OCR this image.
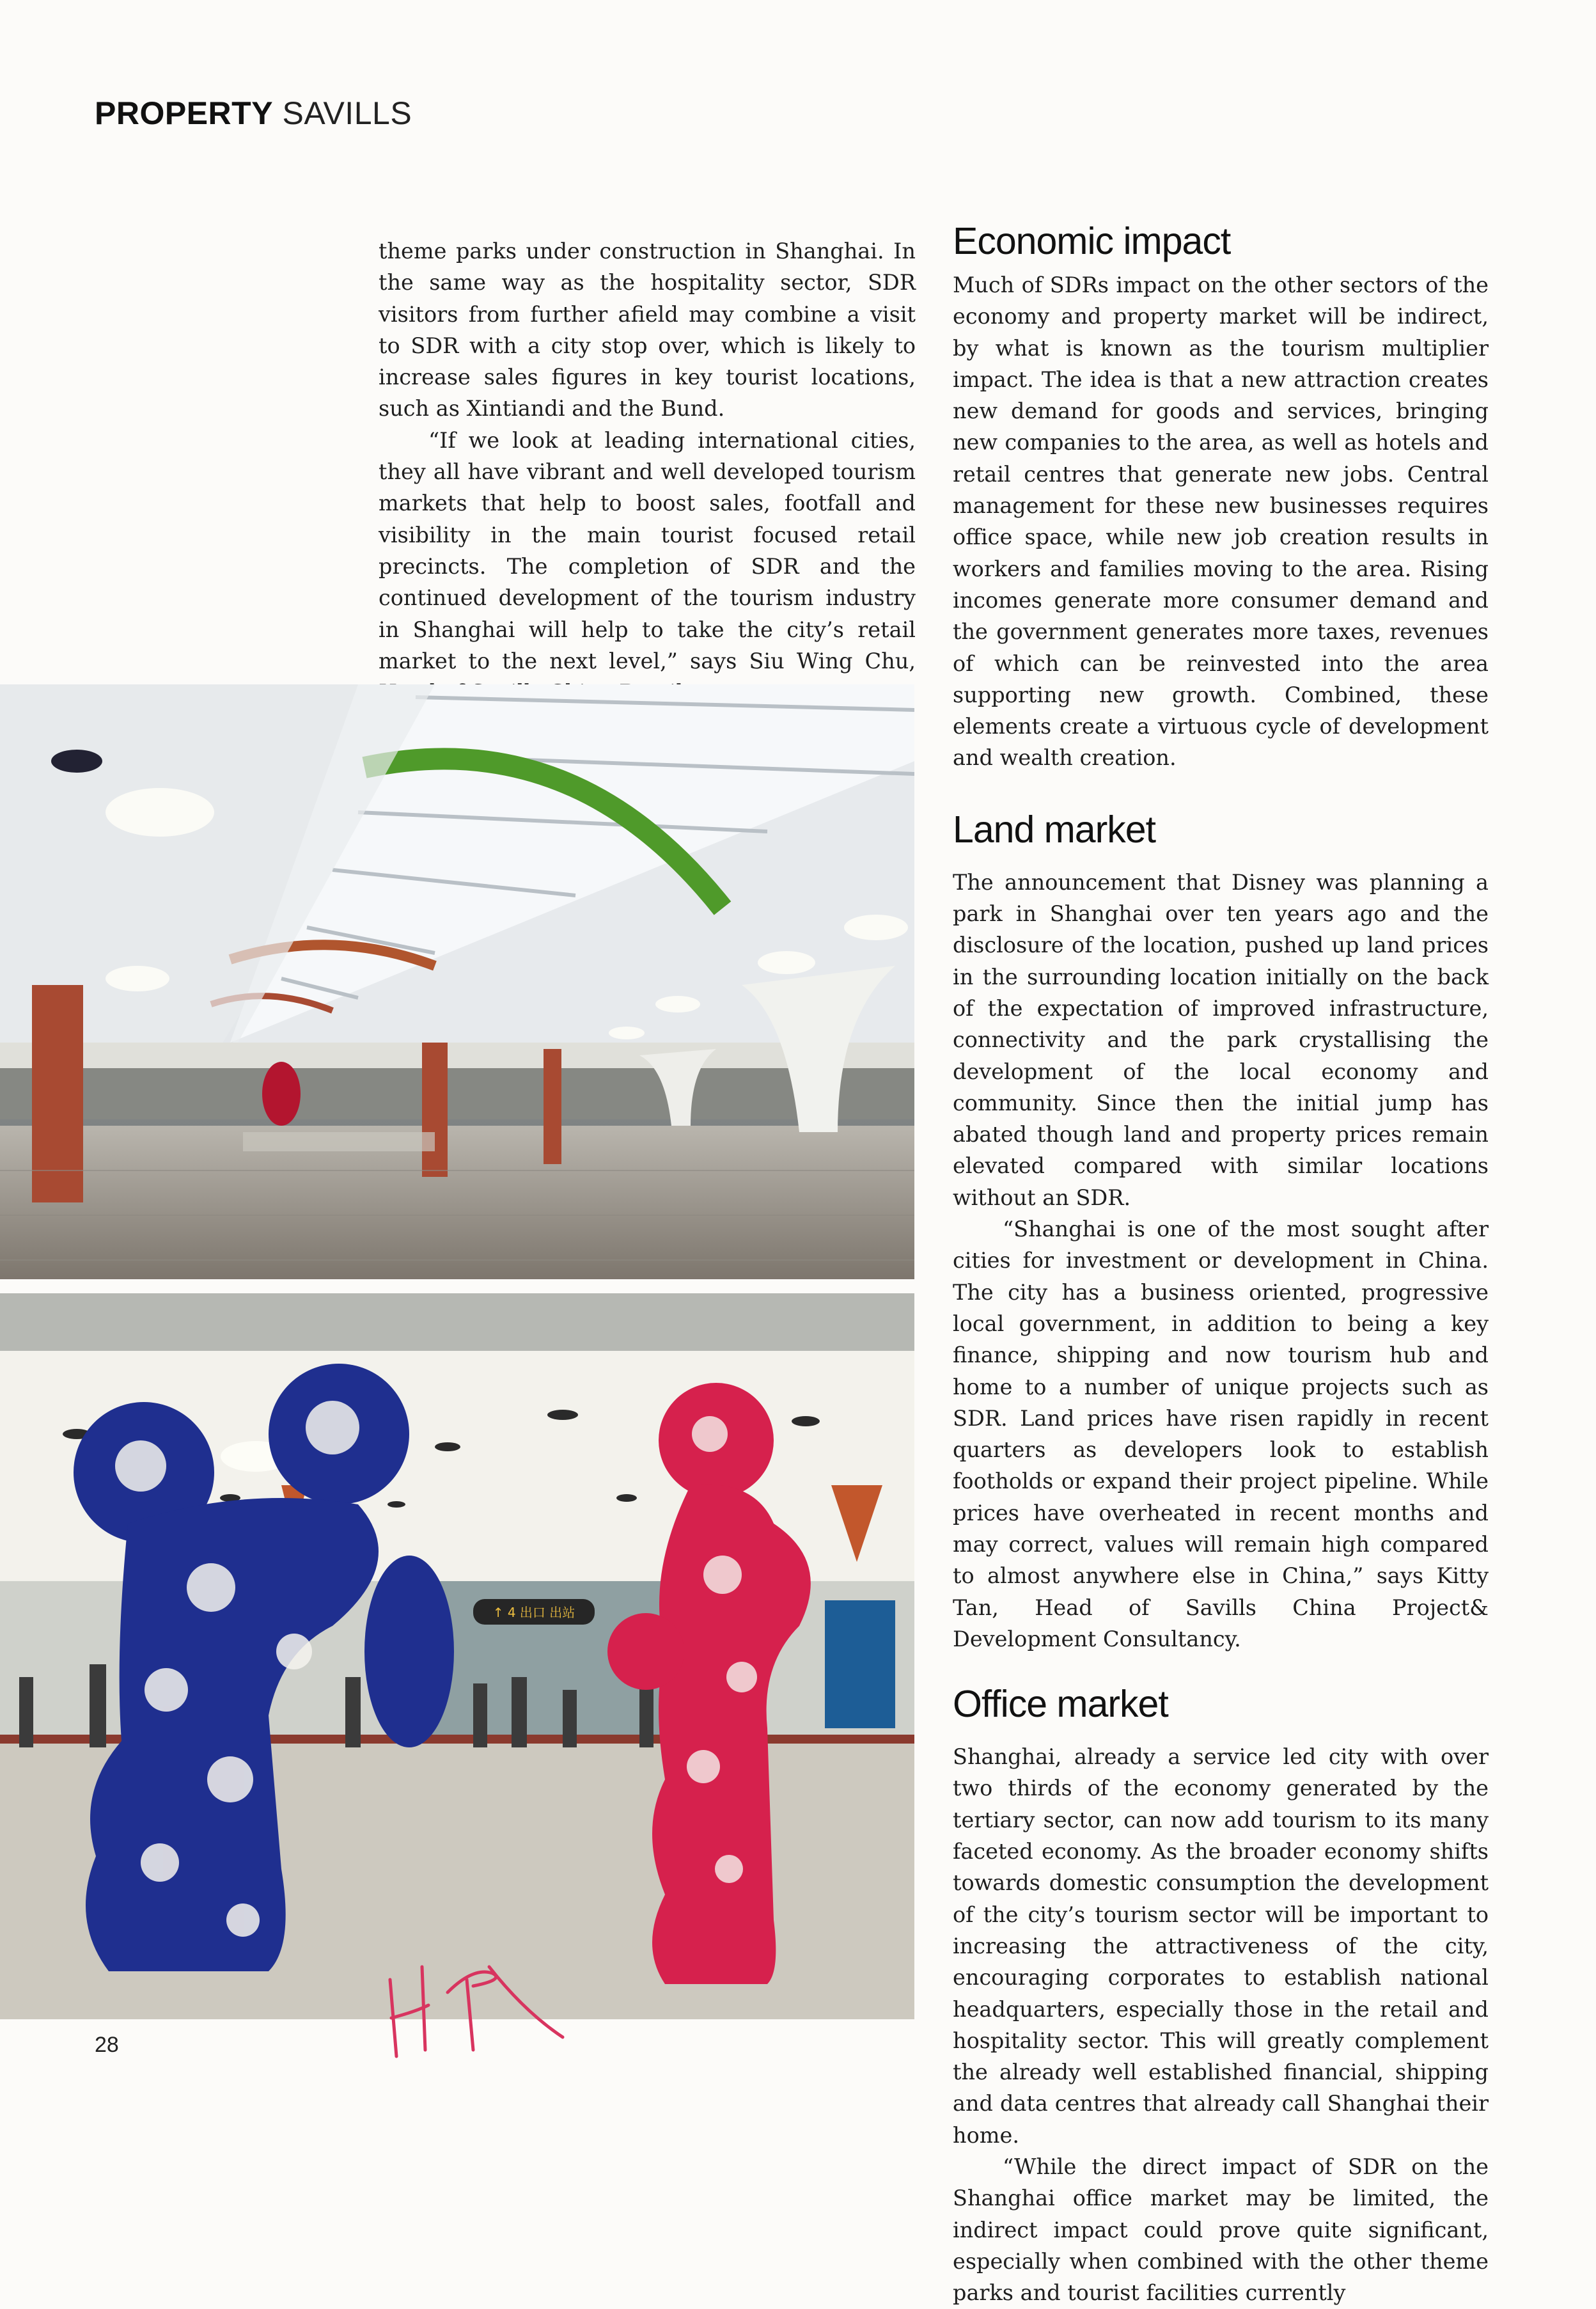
PROPERTY SAVILLS

theme parks under construction in Shanghai. In the same way as the hospitality sector, SDR visitors from further afield may combine a visit to SDR with a city stop over, which is likely to increase sales figures in key tourist locations, such as Xintiandi and the Bund.

“If we look at leading international cities, they all have vibrant and well developed tourism markets that help to boost sales, footfall and visibility in the main tourist focused retail precincts. The completion of SDR and the continued development of the tourism industry in Shanghai will help to take the city’s retail market to the next level,” says Siu Wing Chu,

Economic impact

Much of SDRs impact on the other sectors of the economy and property market will be indirect, by what is known as the tourism multiplier impact. The idea is that a new attraction creates new demand for goods and services, bringing new companies to the area, as well as hotels and retail centres that generate new jobs. Central management for these new businesses requires office space, while new job creation results in workers and families moving to the area. Rising incomes generate more consumer demand and the government generates more taxes, revenues of which can be reinvested into the area supporting new growth. Combined, these elements create a virtuous cycle of development and wealth creation.

Land market

The announcement that Disney was planning a park in Shanghai over ten years ago and the disclosure of the location, pushed up land prices in the surrounding location initially on the back of the expectation of improved infrastructure, connectivity and the park crystallising the development of the local economy and community. Since then the initial jump has abated though land and property prices remain elevated compared with similar locations without an SDR.

“Shanghai is one of the most sought after cities for investment or development in China. The city has a business oriented, progressive local government, in addition to being a key finance, shipping and now tourism hub and home to a number of unique projects such as SDR. Land prices have risen rapidly in recent quarters as developers look to establish footholds or expand their project pipeline. While prices have overheated in recent months and may correct, values will remain high compared to almost anywhere else in China,” says Kitty Tan, Head of Savills China Project& Development Consultancy.

Office market

Shanghai, already a service led city with over two thirds of the economy generated by the tertiary sector, can now add tourism to its many faceted economy. As the broader economy shifts towards domestic consumption the development of the city’s tourism sector will be important to increasing the attractiveness of the city, encouraging corporates to establish national headquarters, especially those in the retail and hospitality sector. This will greatly complement the already well established financial, shipping and data centres that already call Shanghai their home.

“While the direct impact of SDR on the Shanghai office market may be limited, the indirect impact could prove quite significant, especially when combined with the other theme parks and tourist facilities currently

↑ 4 出口 出站
28
